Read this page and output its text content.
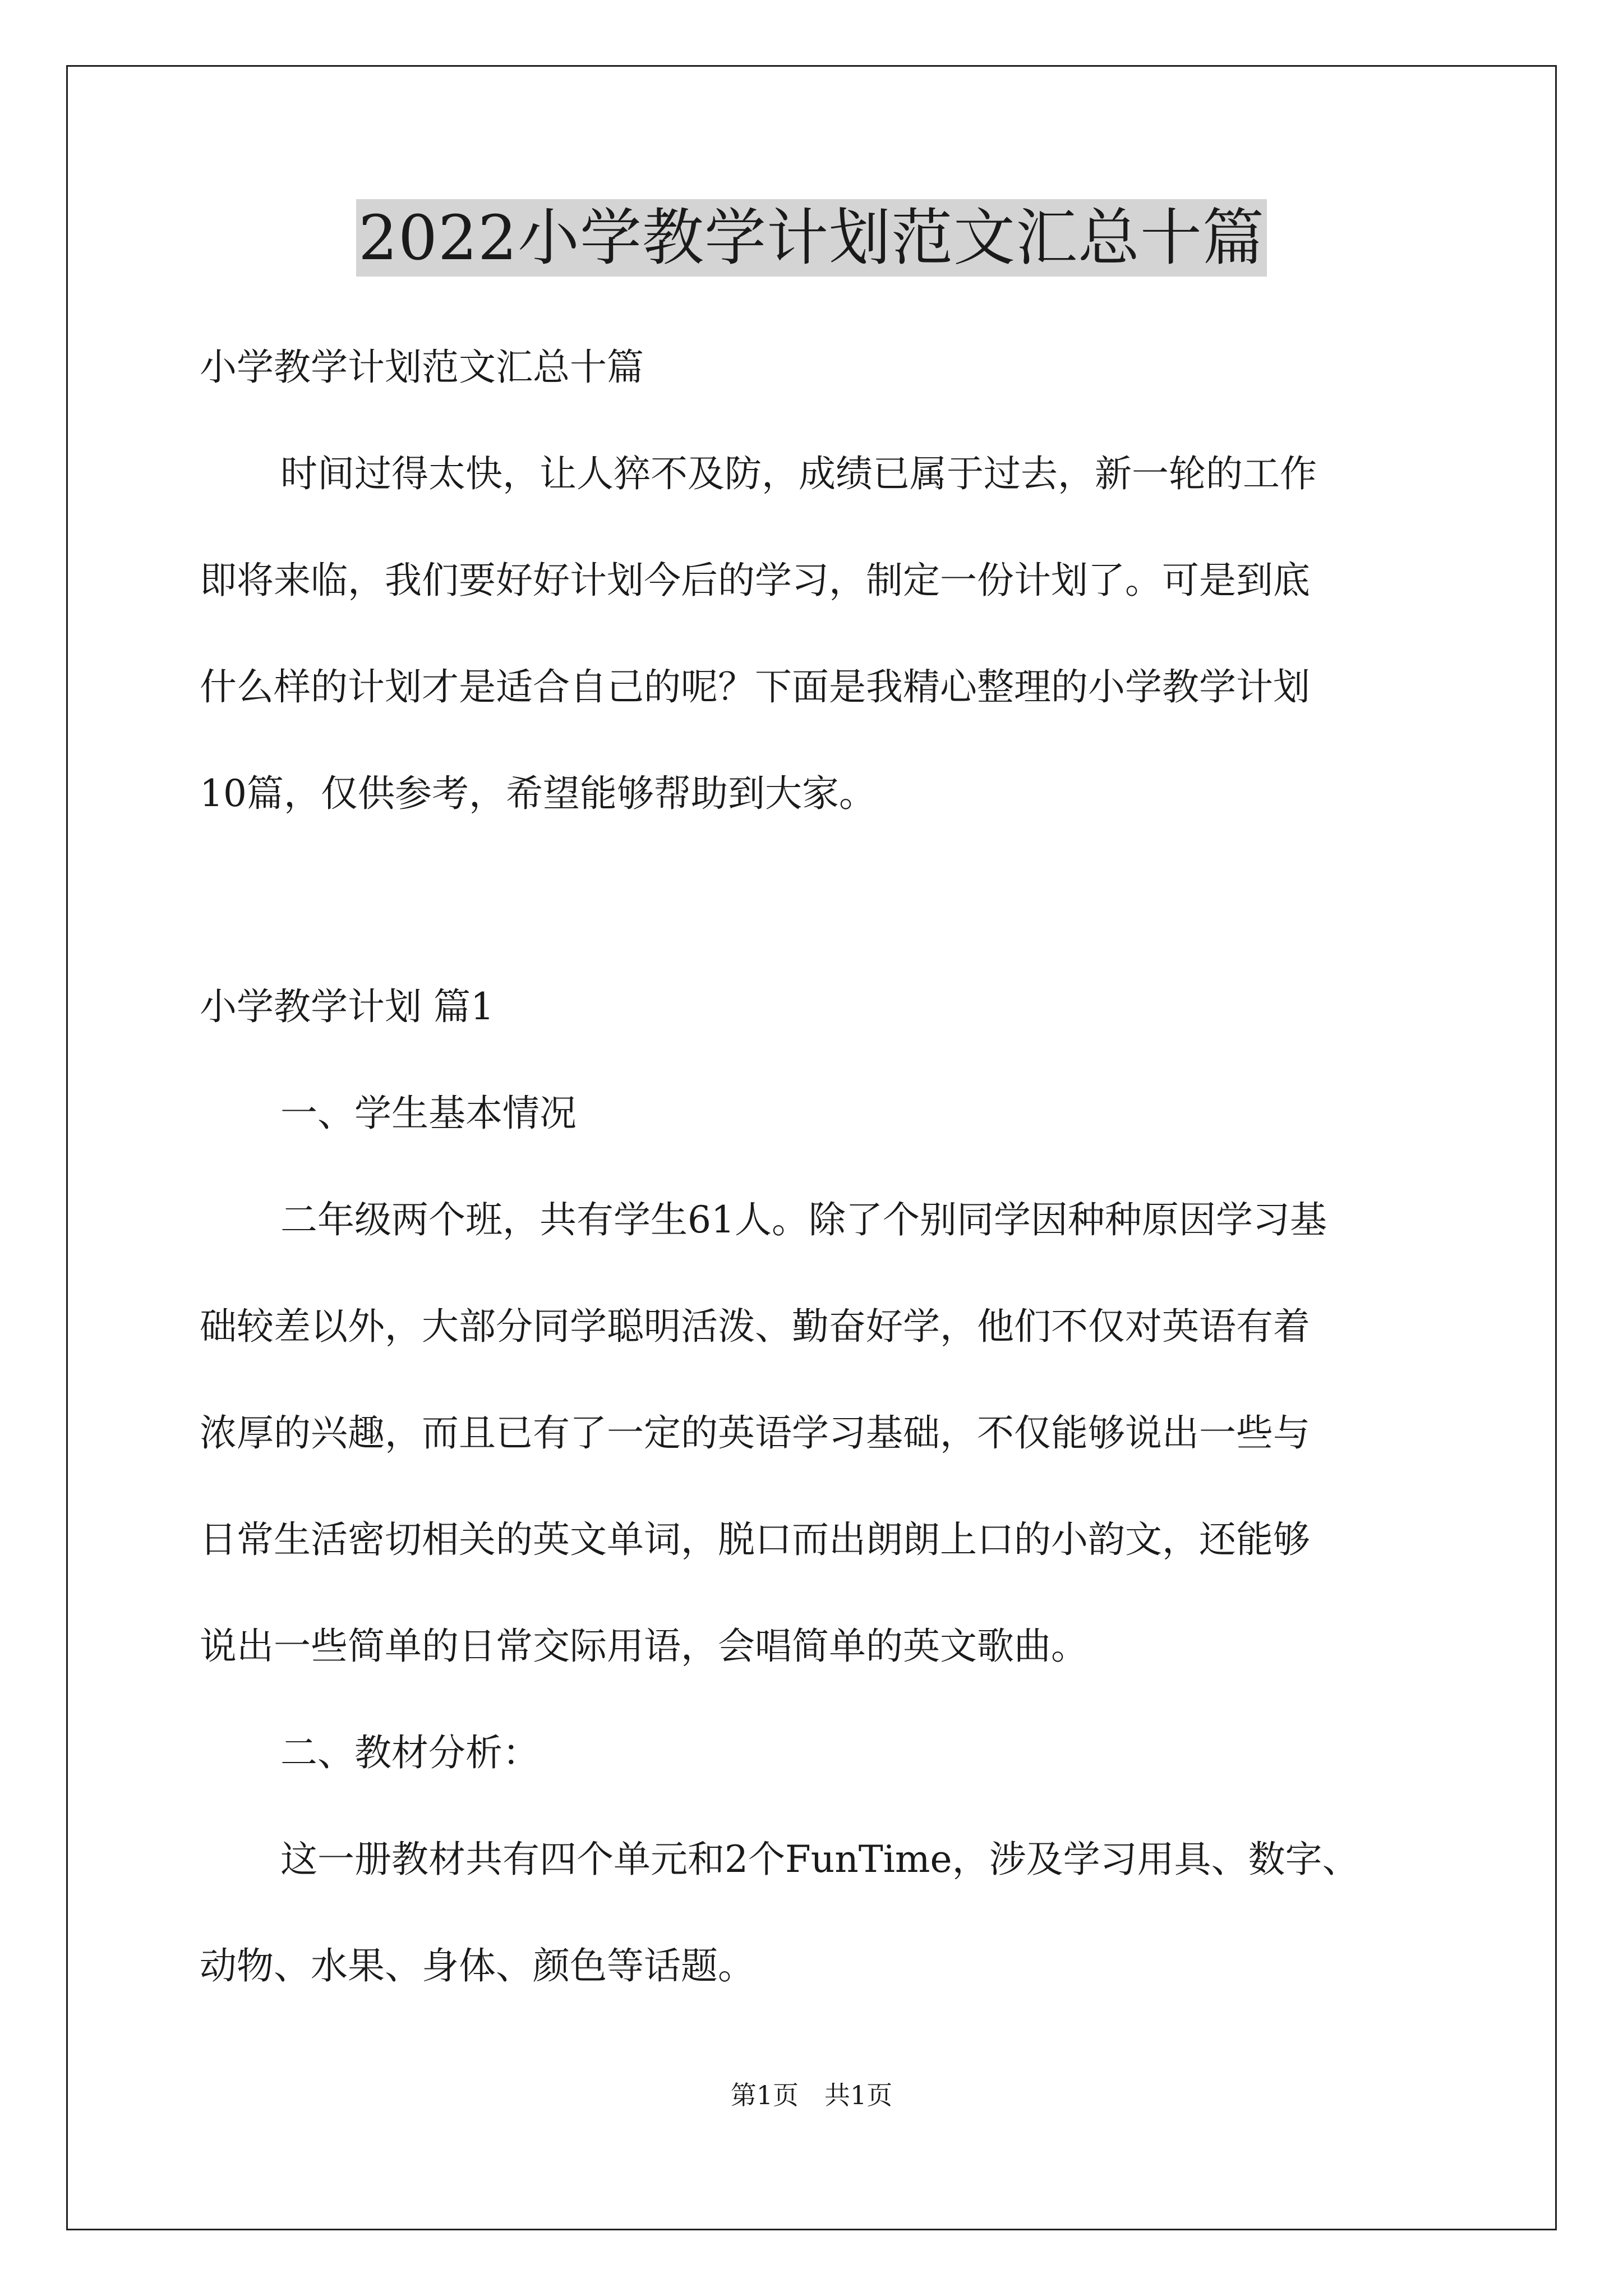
2022小学教学计划范文汇总十篇

小学教学计划范文汇总十篇

时间过得太快，让人猝不及防，成绩已属于过去，新一轮的工作

即将来临，我们要好好计划今后的学习，制定一份计划了。可是到底

什么样的计划才是适合自己的呢？下面是我精心整理的小学教学计划

10篇，仅供参考，希望能够帮助到大家。

小学教学计划 篇1

一、学生基本情况

二年级两个班，共有学生61人。除了个别同学因种种原因学习基

础较差以外，大部分同学聪明活泼、勤奋好学，他们不仅对英语有着

浓厚的兴趣，而且已有了一定的英语学习基础，不仅能够说出一些与

日常生活密切相关的英文单词，脱口而出朗朗上口的小韵文，还能够

说出一些简单的日常交际用语，会唱简单的英文歌曲。

二、教材分析：

这一册教材共有四个单元和2个FunTime，涉及学习用具、数字、

动物、水果、身体、颜色等话题。

第1页　共1页
